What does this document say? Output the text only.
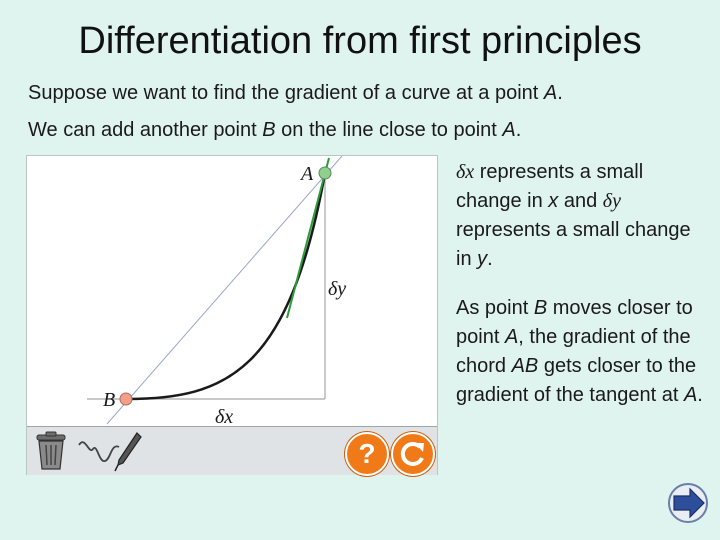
Differentiation from first principles
Suppose we want to find the gradient of a curve at a point A.
We can add another point B on the line close to point A.
A
B
δy
δx
?
δx represents a small change in x and δy represents a small change in y.
As point B moves closer to point A, the gradient of the chord AB gets closer to the gradient of the tangent at A.
